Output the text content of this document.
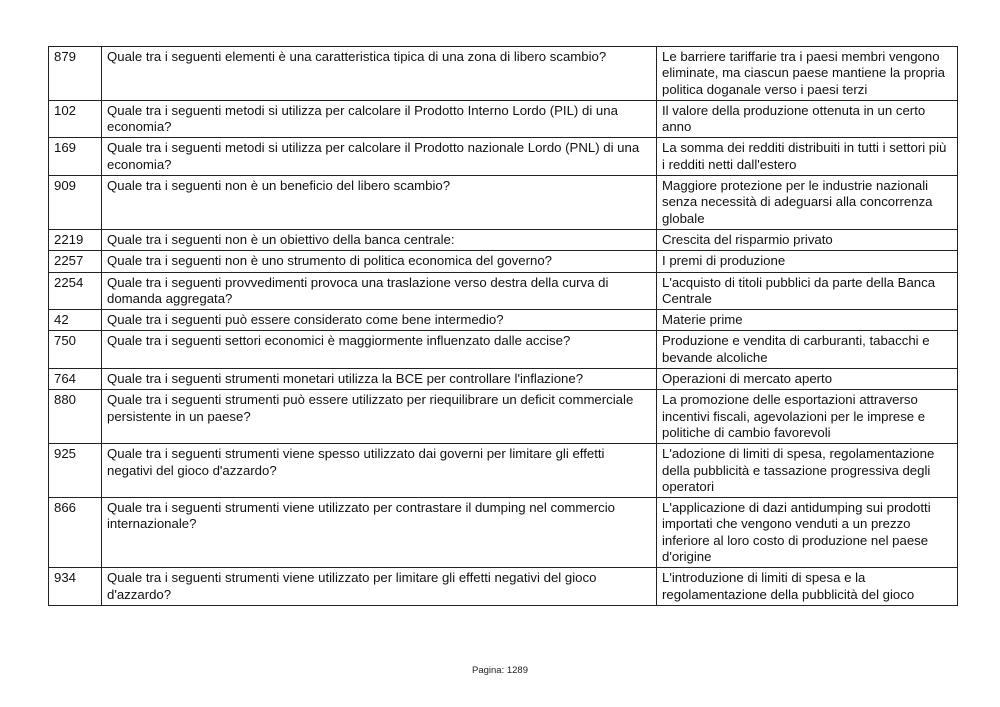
879	Quale tra i seguenti elementi è una caratteristica tipica di una zona di libero scambio?	Le barriere tariffarie tra i paesi membri vengono eliminate, ma ciascun paese mantiene la propria politica doganale verso i paesi terzi
102	Quale tra i seguenti metodi si utilizza per calcolare il Prodotto Interno Lordo (PIL) di una economia?	Il valore della produzione ottenuta in un certo anno
169	Quale tra i seguenti metodi si utilizza per calcolare il Prodotto nazionale Lordo (PNL) di una economia?	La somma dei redditi distribuiti in tutti i settori più i redditi netti dall'estero
909	Quale tra i seguenti non è un beneficio del libero scambio?	Maggiore protezione per le industrie nazionali senza necessità di adeguarsi alla concorrenza globale
2219	Quale tra i seguenti non è un obiettivo della banca centrale:	Crescita del risparmio privato
2257	Quale tra i seguenti non è uno strumento di politica economica del governo?	I premi di produzione
2254	Quale tra i seguenti provvedimenti provoca una traslazione verso destra della curva di domanda aggregata?	L'acquisto di titoli pubblici da parte della Banca Centrale
42	Quale tra i seguenti può essere considerato come bene intermedio?	Materie prime
750	Quale tra i seguenti settori economici è maggiormente influenzato dalle accise?	Produzione e vendita di carburanti, tabacchi e bevande alcoliche
764	Quale tra i seguenti strumenti monetari utilizza la BCE per controllare l'inflazione?	Operazioni di mercato aperto
880	Quale tra i seguenti strumenti può essere utilizzato per riequilibrare un deficit commerciale persistente in un paese?	La promozione delle esportazioni attraverso incentivi fiscali, agevolazioni per le imprese e politiche di cambio favorevoli
925	Quale tra i seguenti strumenti viene spesso utilizzato dai governi per limitare gli effetti negativi del gioco d'azzardo?	L'adozione di limiti di spesa, regolamentazione della pubblicità e tassazione progressiva degli operatori
866	Quale tra i seguenti strumenti viene utilizzato per contrastare il dumping nel commercio internazionale?	L'applicazione di dazi antidumping sui prodotti importati che vengono venduti a un prezzo inferiore al loro costo di produzione nel paese d'origine
934	Quale tra i seguenti strumenti viene utilizzato per limitare gli effetti negativi del gioco d'azzardo?	L'introduzione di limiti di spesa e la regolamentazione della pubblicità del gioco
Pagina: 1289
